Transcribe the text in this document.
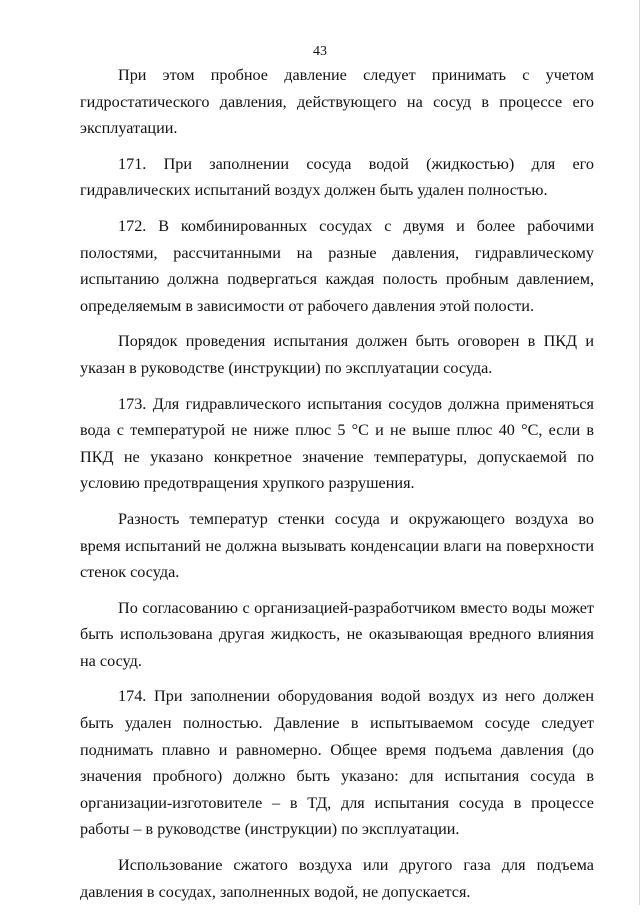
43

При этом пробное давление следует принимать с учетом гидростатического давления, действующего на сосуд в процессе его эксплуатации.

171. При заполнении сосуда водой (жидкостью) для его гидравлических испытаний воздух должен быть удален полностью.

172. В комбинированных сосудах с двумя и более рабочими полостями, рассчитанными на разные давления, гидравлическому испытанию должна подвергаться каждая полость пробным давлением, определяемым в зависимости от рабочего давления этой полости.

Порядок проведения испытания должен быть оговорен в ПКД и указан в руководстве (инструкции) по эксплуатации сосуда.

173. Для гидравлического испытания сосудов должна применяться вода с температурой не ниже плюс 5 °С и не выше плюс 40 °С, если в ПКД не указано конкретное значение температуры, допускаемой по условию предотвращения хрупкого разрушения.

Разность температур стенки сосуда и окружающего воздуха во время испытаний не должна вызывать конденсации влаги на поверхности стенок сосуда.

По согласованию с организацией-разработчиком вместо воды может быть использована другая жидкость, не оказывающая вредного влияния на сосуд.

174. При заполнении оборудования водой воздух из него должен быть удален полностью. Давление в испытываемом сосуде следует поднимать плавно и равномерно. Общее время подъема давления (до значения пробного) должно быть указано: для испытания сосуда в организации-изготовителе – в ТД, для испытания сосуда в процессе работы – в руководстве (инструкции) по эксплуатации.

Использование сжатого воздуха или другого газа для подъема давления в сосудах, заполненных водой, не допускается.
